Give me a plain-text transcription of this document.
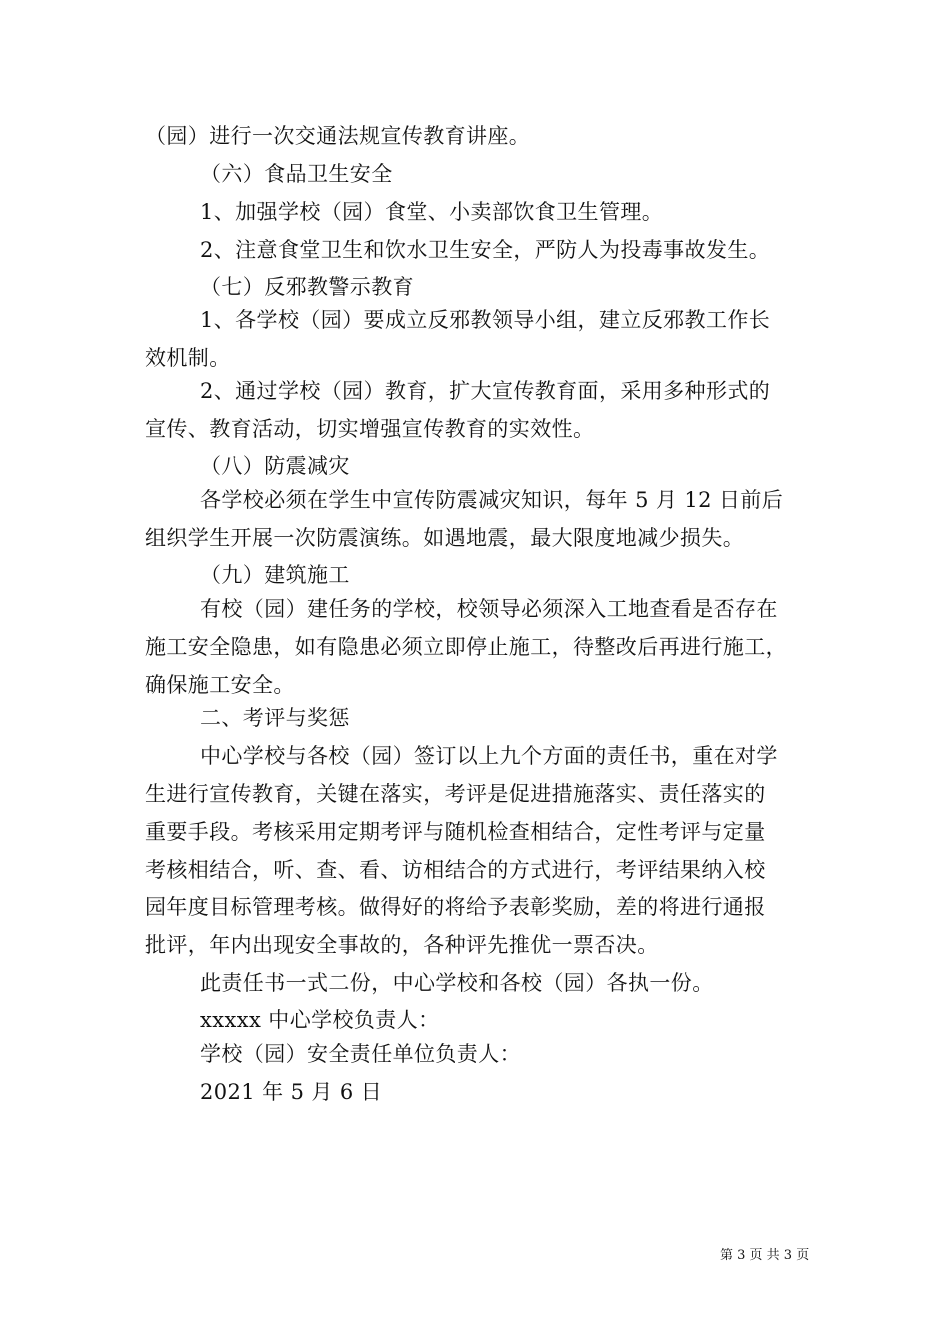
（园）进行一次交通法规宣传教育讲座。
（六）食品卫生安全
1、加强学校（园）食堂、小卖部饮食卫生管理。
2、注意食堂卫生和饮水卫生安全，严防人为投毒事故发生。
（七）反邪教警示教育
1、各学校（园）要成立反邪教领导小组，建立反邪教工作长
效机制。
2、通过学校（园）教育，扩大宣传教育面，采用多种形式的
宣传、教育活动，切实增强宣传教育的实效性。
（八）防震减灾
各学校必须在学生中宣传防震减灾知识，每年 5 月 12 日前后
组织学生开展一次防震演练。如遇地震，最大限度地减少损失。
（九）建筑施工
有校（园）建任务的学校，校领导必须深入工地查看是否存在
施工安全隐患，如有隐患必须立即停止施工，待整改后再进行施工，
确保施工安全。
二、考评与奖惩
中心学校与各校（园）签订以上九个方面的责任书，重在对学
生进行宣传教育，关键在落实，考评是促进措施落实、责任落实的
重要手段。考核采用定期考评与随机检查相结合，定性考评与定量
考核相结合，听、查、看、访相结合的方式进行，考评结果纳入校
园年度目标管理考核。做得好的将给予表彰奖励，差的将进行通报
批评，年内出现安全事故的，各种评先推优一票否决。
此责任书一式二份，中心学校和各校（园）各执一份。
xxxxx 中心学校负责人：
学校（园）安全责任单位负责人：
2021 年 5 月 6 日
第 3 页 共 3 页
